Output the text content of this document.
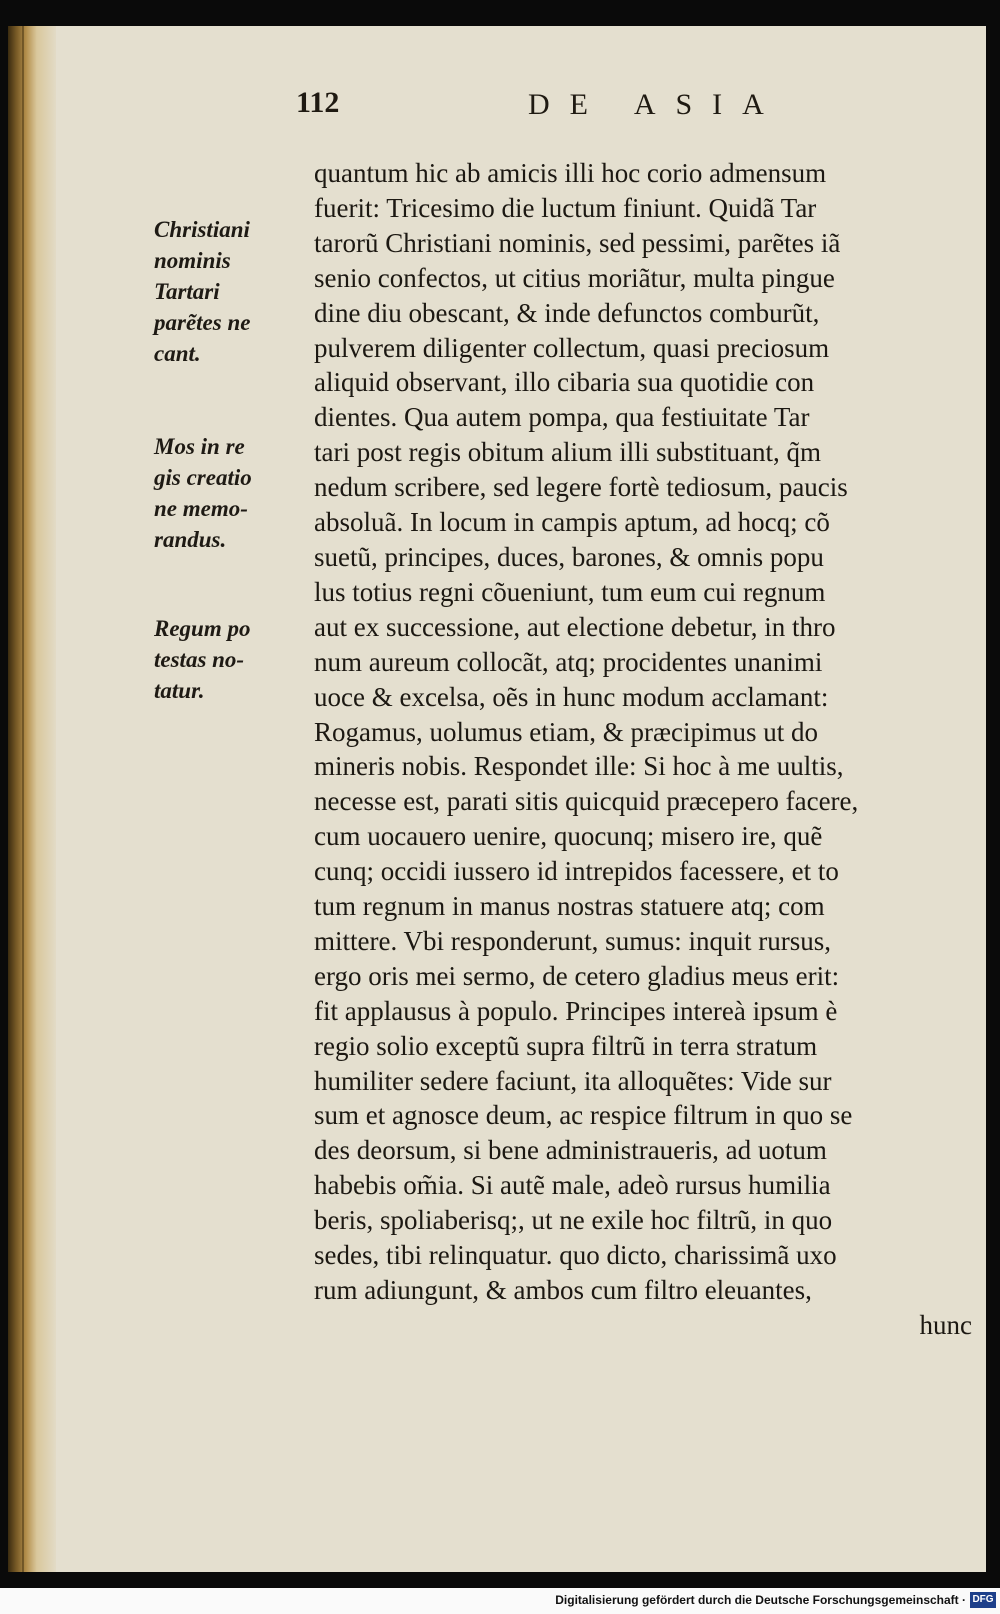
112	DE ASIA
Christiani
nominis
Tartari
parẽtes ne
cant.
Mos in re
gis creatio
ne memo-
randus.
Regum po
testas no-
tatur.
quantum hic ab amicis illi hoc corio admensum
fuerit: Tricesimo die luctum finiunt. Quidã Tar
tarorũ Christiani nominis, sed pessimi, parẽtes iã
senio confectos, ut citius moriãtur, multa pingue
dine diu obescant, & inde defunctos comburũt,
pulverem diligenter collectum, quasi preciosum
aliquid observant, illo cibaria sua quotidie con
dientes. Qua autem pompa, qua festiuitate Tar
tari post regis obitum alium illi substituant, q̃m
nedum scribere, sed legere fortè tediosum, paucis
absoluã. In locum in campis aptum, ad hocq; cõ
suetũ, principes, duces, barones, & omnis popu
lus totius regni cõueniunt, tum eum cui regnum
aut ex successione, aut electione debetur, in thro
num aureum collocãt, atq; procidentes unanimi
uoce & excelsa, oẽs in hunc modum acclamant:
Rogamus, uolumus etiam, & præcipimus ut do
mineris nobis. Respondet ille: Si hoc à me uultis,
necesse est, parati sitis quicquid præcepero facere,
cum uocauero uenire, quocunq; misero ire, quẽ
cunq; occidi iussero id intrepidos facessere, et to
tum regnum in manus nostras statuere atq; com
mittere. Vbi responderunt, sumus: inquit rursus,
ergo oris mei sermo, de cetero gladius meus erit:
fit applausus à populo. Principes intereà ipsum è
regio solio exceptũ supra filtrũ in terra stratum
humiliter sedere faciunt, ita alloquẽtes: Vide sur
sum et agnosce deum, ac respice filtrum in quo se
des deorsum, si bene administraueris, ad uotum
habebis om̃ia. Si autẽ male, adeò rursus humilia
beris, spoliaberisq;, ut ne exile hoc filtrũ, in quo
sedes, tibi relinquatur. quo dicto, charissimã uxo
rum adiungunt, & ambos cum filtro eleuantes,
hunc
Digitalisierung gefördert durch die Deutsche Forschungsgemeinschaft · DFG
